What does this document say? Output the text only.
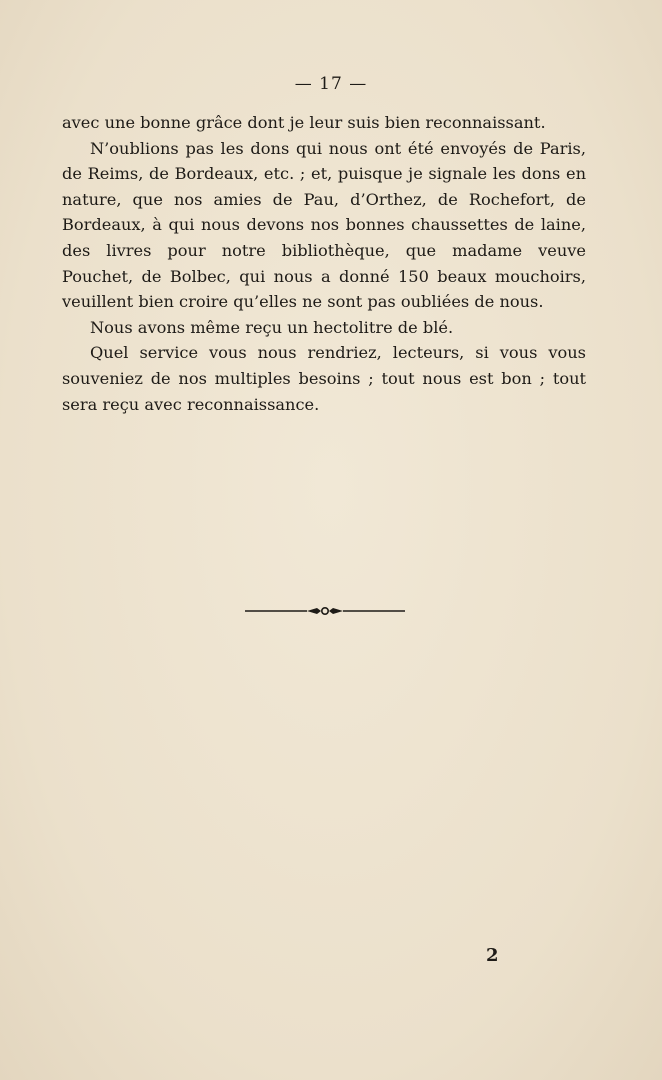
— 17 —

avec une bonne grâce dont je leur suis bien reconnaissant.

N’oublions pas les dons qui nous ont été envoyés de Paris, de Reims, de Bordeaux, etc. ; et, puisque je signale les dons en nature, que nos amies de Pau, d’Orthez, de Rochefort, de Bordeaux, à qui nous devons nos bonnes chaussettes de laine, des livres pour notre bibliothèque, que madame veuve Pouchet, de Bolbec, qui nous a donné 150 beaux mouchoirs, veuillent bien croire qu’elles ne sont pas oubliées de nous.

Nous avons même reçu un hectolitre de blé.

Quel service vous nous rendriez, lecteurs, si vous vous souveniez de nos multiples besoins ; tout nous est bon ; tout sera reçu avec reconnaissance.

2
